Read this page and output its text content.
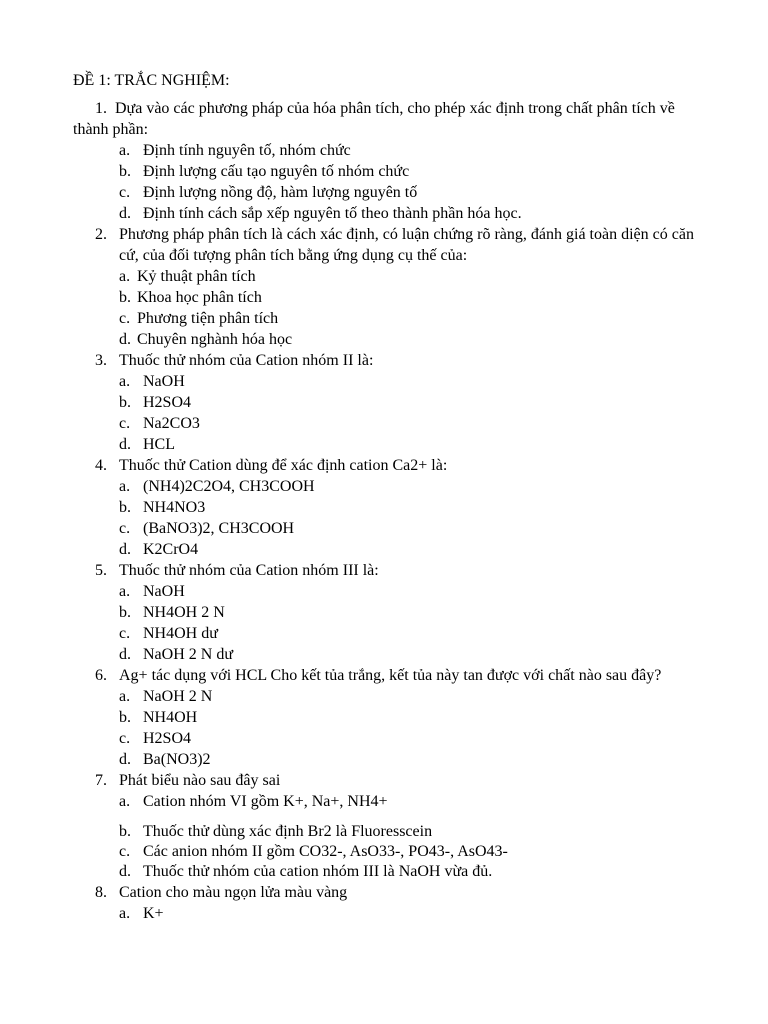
ĐỀ 1: TRẮC NGHIỆM:
1. Dựa vào các phương pháp của hóa phân tích, cho phép xác định trong chất phân tích về thành phần:
a. Định tính nguyên tố, nhóm chức
b. Định lượng cấu tạo nguyên tố nhóm chức
c. Định lượng nồng độ, hàm lượng nguyên tố
d. Định tính cách sắp xếp nguyên tố theo thành phần hóa học.
2. Phương pháp phân tích là cách xác định, có luận chứng rõ ràng, đánh giá toàn diện có căn cứ, của đối tượng phân tích bằng ứng dụng cụ thế của:
a. Kỷ thuật phân tích
b. Khoa học phân tích
c. Phương tiện phân tích
d. Chuyên nghành hóa học
3. Thuốc thử nhóm của Cation nhóm II là:
a. NaOH
b. H2SO4
c. Na2CO3
d. HCL
4. Thuốc thử Cation dùng để xác định cation Ca2+ là:
a. (NH4)2C2O4, CH3COOH
b. NH4NO3
c. (BaNO3)2, CH3COOH
d. K2CrO4
5. Thuốc thử nhóm của Cation nhóm III là:
a. NaOH
b. NH4OH 2 N
c. NH4OH dư
d. NaOH 2 N dư
6. Ag+ tác dụng với HCL Cho kết tủa trắng, kết tủa này tan được với chất nào sau đây?
a. NaOH 2 N
b. NH4OH
c. H2SO4
d. Ba(NO3)2
7. Phát biểu nào sau đây sai
a. Cation nhóm VI gồm K+, Na+, NH4+
b. Thuốc thử dùng xác định Br2 là Fluoresscein
c. Các anion nhóm II gồm CO32-, AsO33-, PO43-, AsO43-
d. Thuốc thử nhóm của cation nhóm III là NaOH vừa đủ.
8. Cation cho màu ngọn lửa màu vàng
a. K+
